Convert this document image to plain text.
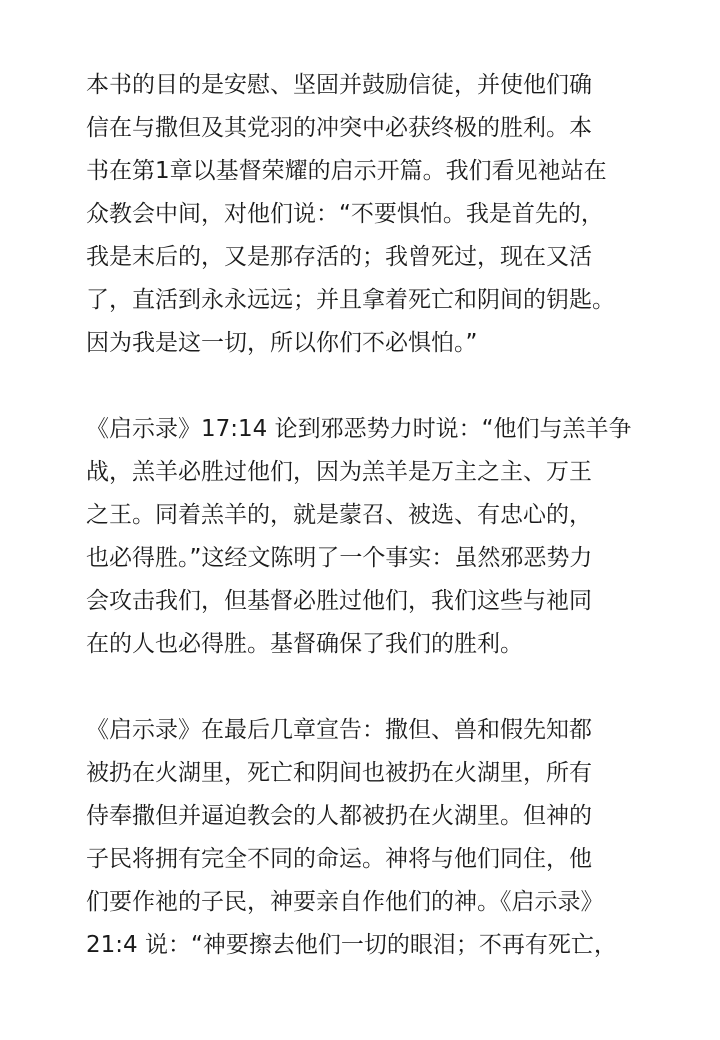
本书的目的是安慰、坚固并鼓励信徒，并使他们确
信在与撒但及其党羽的冲突中必获终极的胜利。本
书在第1章以基督荣耀的启示开篇。我们看见祂站在
众教会中间，对他们说：“不要惧怕。我是首先的，
我是末后的，又是那存活的；我曾死过，现在又活
了，直活到永永远远；并且拿着死亡和阴间的钥匙。
因为我是这一切，所以你们不必惧怕。”
《启示录》17:14 论到邪恶势力时说：“他们与羔羊争
战，羔羊必胜过他们，因为羔羊是万主之主、万王
之王。同着羔羊的，就是蒙召、被选、有忠心的，
也必得胜。”这经文陈明了一个事实：虽然邪恶势力
会攻击我们，但基督必胜过他们，我们这些与祂同
在的人也必得胜。基督确保了我们的胜利。
《启示录》在最后几章宣告：撒但、兽和假先知都
被扔在火湖里，死亡和阴间也被扔在火湖里，所有
侍奉撒但并逼迫教会的人都被扔在火湖里。但神的
子民将拥有完全不同的命运。神将与他们同住，他
们要作祂的子民，神要亲自作他们的神。《启示录》
21:4 说：“神要擦去他们一切的眼泪；不再有死亡，
